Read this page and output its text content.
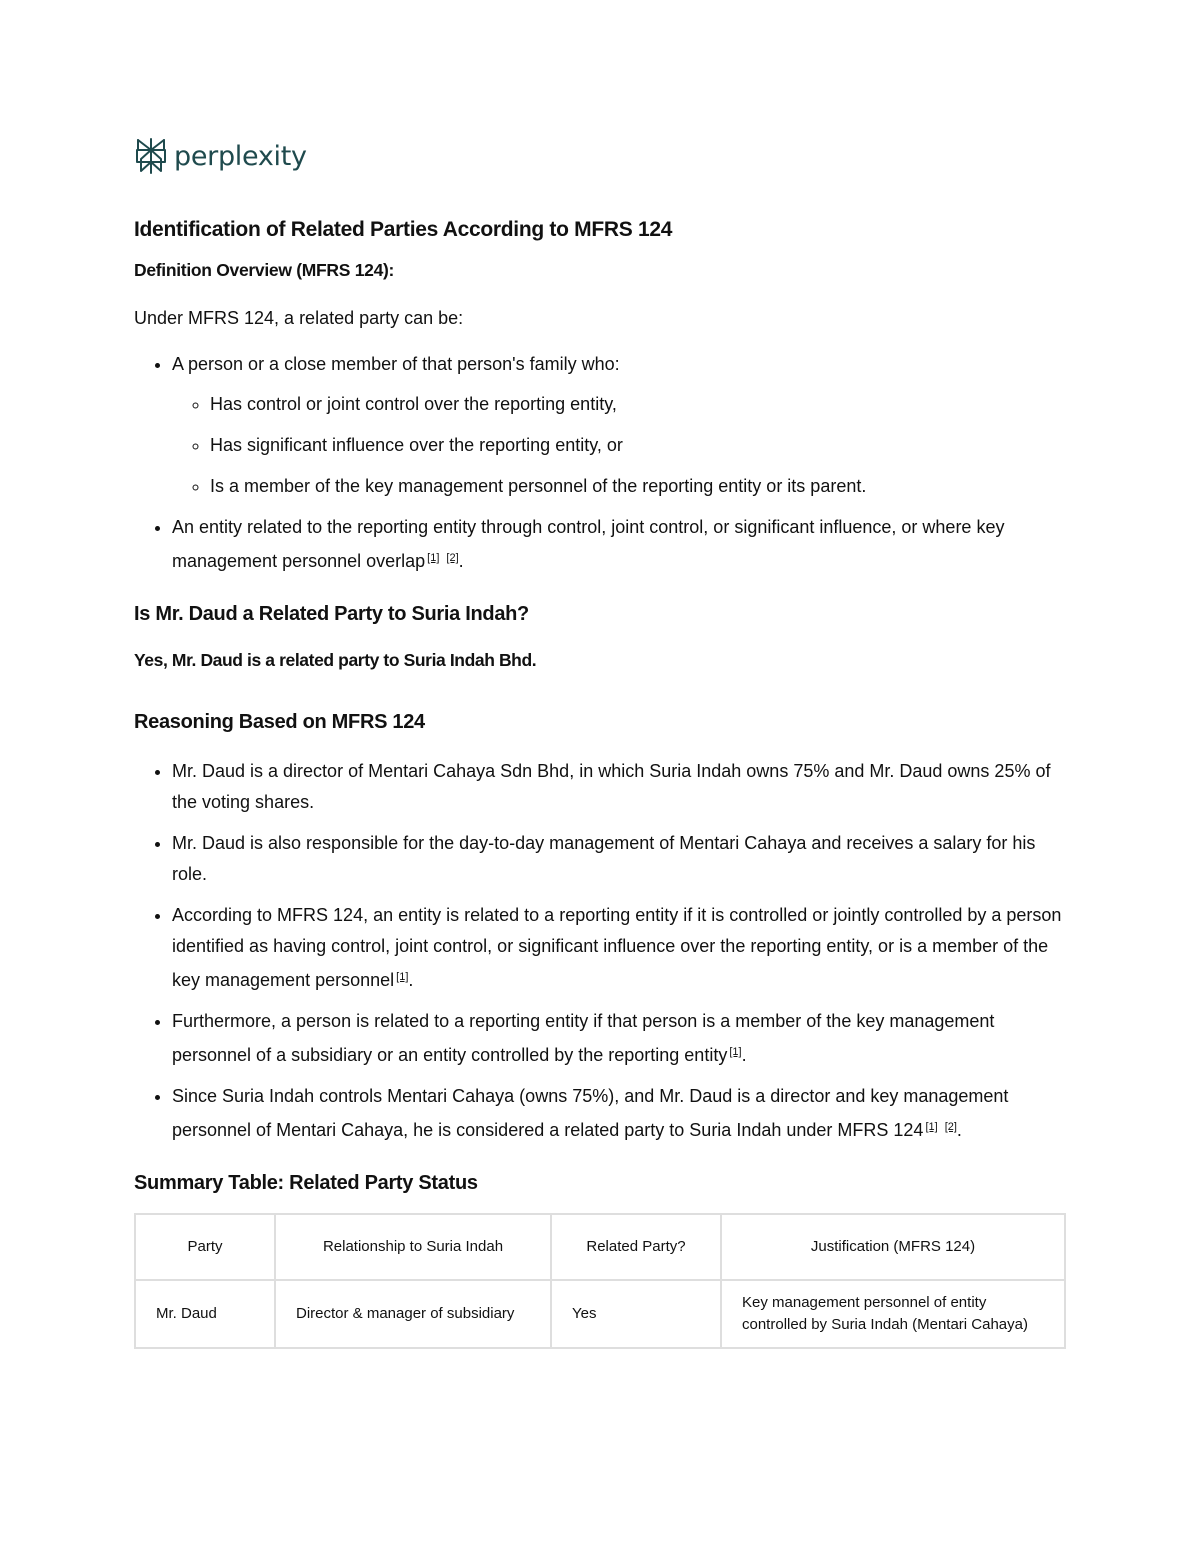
perplexity
Identification of Related Parties According to MFRS 124
Definition Overview (MFRS 124):
Under MFRS 124, a related party can be:
• A person or a close member of that person's family who:
◦ Has control or joint control over the reporting entity,
◦ Has significant influence over the reporting entity, or
◦ Is a member of the key management personnel of the reporting entity or its parent.
• An entity related to the reporting entity through control, joint control, or significant influence, or where key management personnel overlap [1] [2].
Is Mr. Daud a Related Party to Suria Indah?
Yes, Mr. Daud is a related party to Suria Indah Bhd.
Reasoning Based on MFRS 124
• Mr. Daud is a director of Mentari Cahaya Sdn Bhd, in which Suria Indah owns 75% and Mr. Daud owns 25% of the voting shares.
• Mr. Daud is also responsible for the day-to-day management of Mentari Cahaya and receives a salary for his role.
• According to MFRS 124, an entity is related to a reporting entity if it is controlled or jointly controlled by a person identified as having control, joint control, or significant influence over the reporting entity, or is a member of the key management personnel [1].
• Furthermore, a person is related to a reporting entity if that person is a member of the key management personnel of a subsidiary or an entity controlled by the reporting entity [1].
• Since Suria Indah controls Mentari Cahaya (owns 75%), and Mr. Daud is a director and key management personnel of Mentari Cahaya, he is considered a related party to Suria Indah under MFRS 124 [1] [2].
Summary Table: Related Party Status
Party	Relationship to Suria Indah	Related Party?	Justification (MFRS 124)
Mr. Daud	Director & manager of subsidiary	Yes	Key management personnel of entity controlled by Suria Indah (Mentari Cahaya)
